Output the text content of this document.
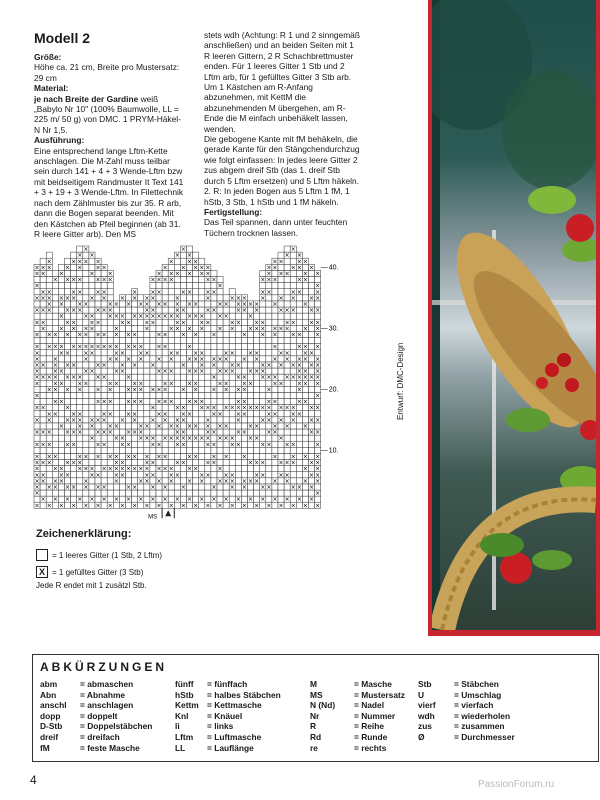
Modell 2

Größe:

Höhe ca. 21 cm, Breite pro Mustersatz: 29 cm

Material:

je nach Breite der Gardine weiß „Babylo Nr 10" (100% Baumwolle, LL = 225 m/ 50 g) von DMC. 1 PRYM-Häkel-N Nr 1,5.

Ausführung:

Eine entsprechend lange Lftm-Kette anschlagen. Die M-Zahl muss teilbar sein durch 141 + 4 + 3 Wende-Lftm bzw mit beidseitigem Randmuster It Text 141 + 3 + 19 + 3 Wende-Lftm. In Filettechnik nach dem Zählmuster bis zur 35. R arb, dann die Bogen separat beenden. Mit den Kästchen ab Pfeil beginnen (ab 31. R leere Gitter arb). Den MS

stets wdh (Achtung: R 1 und 2 sinngemäß anschließen) und an beiden Seiten mit 1 R leeren Gittern, 2 R Schachbrettmuster enden. Für 1 leeres Gitter 1 Stb und 2 Lftm arb, für 1 gefülltes Gitter 3 Stb arb. Um 1 Kästchen am R-Anfang abzunehmen, mit KettM die abzunehmenden M übergehen, am R-Ende die M einfach unbehäkelt lassen, wenden.

Die gebogene Kante mit fM behäkeln, die gerade Kante für den Stängchendurchzug wie folgt einfassen: In jedes leere Gitter 2 zus abgem dreif Stb (das 1. dreif Stb durch 5 Lftm ersetzen) und 5 Lftm häkeln. 2. R: In jeden Bogen aus 5 Lftm 1 fM, 1 hStb, 3 Stb, 1 hStb und 1 fM häkeln.

Fertigstellung:

Das Teil spannen, dann unter feuchten Tüchern trocknen lassen.

×
×
×
×
×
×
×
×
×
×
×
×
×
×
×
×
×
×
×
×
×
×
×
×
×
×
×
×
×
×
×
×
×
×
×
×
×
×
×
×
×
×
×
×
×
×
×
×
×
×
×
×
×
×
×
×
×
×
×
×
×
×
×
×
×
×
×
×
×
×
×
×
×
×
×
×
×
×
×
×
×
×
×
×
×
×
×
×
×
×
×
×
×
×
×
×
×
×
×
×
×
×
×
×
×
×
×
×
×
×
×
×
×
×
×
×
×
×
×
×
×
×
×
×
×
×
×
×
×
×
×
×
×
×
×
×
×
×
×
×
×
×
×
×
×
×
×
×
×
×
×
×
×
×
×
×
×
×
×
×
×
×
×
×
×
×
×
×
×
×
×
×
×
×
×
×
×
×
×
×
×
×
×
×
×
×
×
×
×
×
×
×
×
×
×
×
×
×
×
×
×
×
×
×
×
×
×
×
×
×
×
×
×
×
×
×
×
×
×
×
×
×
×
×
×
×
×
×
×
×
×
×
×
×
×
×
×
×
×
×
×
×
×
×
×
×
×
×
×
×
×
×
×
×
×
×
×
×
×
×
×
×
×
×
×
×
×
×
×
×
×
×
×
×
×
×
×
×
×
×
×
×
×
×
×
×
×
×
×
×
×
×
×
×
×
×
×
×
×
×
×
×
×
×
×
×
×
×
×
×
×
×
×
×
×
×
×
×
×
×
×
×
×
×
×
×
×
×
×
×
×
×
×
×
×
×
×
×
×
×
×
×
×
×
×
×
×
×
×
×
×
×
×
×
×
×
×
×
×
×
×
×
×
×
×
×
×
×
×
×
×
×
×
×
×
×
×
×
×
×
×
×
×
×
×
×
×
×
×
×
×
×
×
×
×
×
×
×
×
×
×
×
×
×
×
×
×
×
×
×
×
×
×
×
×
×
×
×
×
×
×
×
×
×
×
×
×
×
×
×
×
×
×
×
×
×
×
×
×
×
×
×
×
×
×
×
×
×
×
×
×
×
×
×
×
×
×
×
×
×
×
×
×
×
×
×
×
×
×
×
×
×
×
×
×
×
×
×
×
×
×
×
×
×
×
×
×
×
×
×
×
×
×
×
×
×
×
×
×
×
×
×
×
×
×
×
×
×
×
×
×
×
×
×
×
×
×
×
×
×
×
×
×
×
×
×
×
×
×
×
×
×
×
×
×
×
×
×
×
×
×
×
×
×
×
×
×
×
×
×
×
×
×
×
×
×
×
×
×
×
×
×
×
×
×
×
×
×
×
×
×
×
×
×
×
×
×
×
×
×
×
×
×
×
×
×
×
×
×
×
×
×
×
×
×
×
×
×
×
×
×
×
×
×
×
×
×
×
×
×
×
×
×
×
×
×
×
×
×
×
×
×
×
×
×
×
×
×
×
×
×
×
×
×
×
×
×
×
×
×
×
×
×
×
×
×
×
×
×
×
×
×
×
×
×
×
×
×
×
×
×
×
×
×
×
×
×
×
×
×
×
×
×
×
×
×
×
×
×
×
×
×
×
×
×
×
×
×
×
×
×
×
×
×
×
×
×
×
×
×
×
×
×
×
×
×
×
×
×
×
×
×
×
×
×
×
×
×
×
×
×
×
×
×
×
×
×
×
×
×
×
×
×
×
×
×
×
×
×
×
×
×
×
×
×
×
×
×
×
×
×
×
×
×
×
×
×
×
×
×
×
×
×
×
×
×
×
×
40.
30.
20.
10.
MS
Zeichenerklärung:
= 1 leeres Gitter (1 Stb, 2 Lftm)
X = 1 gefülltes Gitter (3 Stb)
Jede R endet mit 1 zusätzl Stb.
Entwurf: DMC-Design
ABKÜRZUNGEN
abm	= abmaschen
Abn	= Abnahme
anschl	= anschlagen
dopp	= doppelt
D-Stb	= Doppelstäbchen
dreif	= dreifach
fM	= feste Masche
fünff	= fünffach
hStb	= halbes Stäbchen
Kettm = Kettmasche
Knl	= Knäuel
li	= links
Lftm	= Luftmasche
LL	= Lauflänge
M	= Masche
MS	= Mustersatz
N (Nd)	= Nadel
Nr	= Nummer
R	= Reihe
Rd	= Runde
re	= rechts
Stb	= Stäbchen
U	= Umschlag
vierf	= vierfach
wdh	= wiederholen
zus	= zusammen
Ø	= Durchmesser
4	PassionForum.ru
